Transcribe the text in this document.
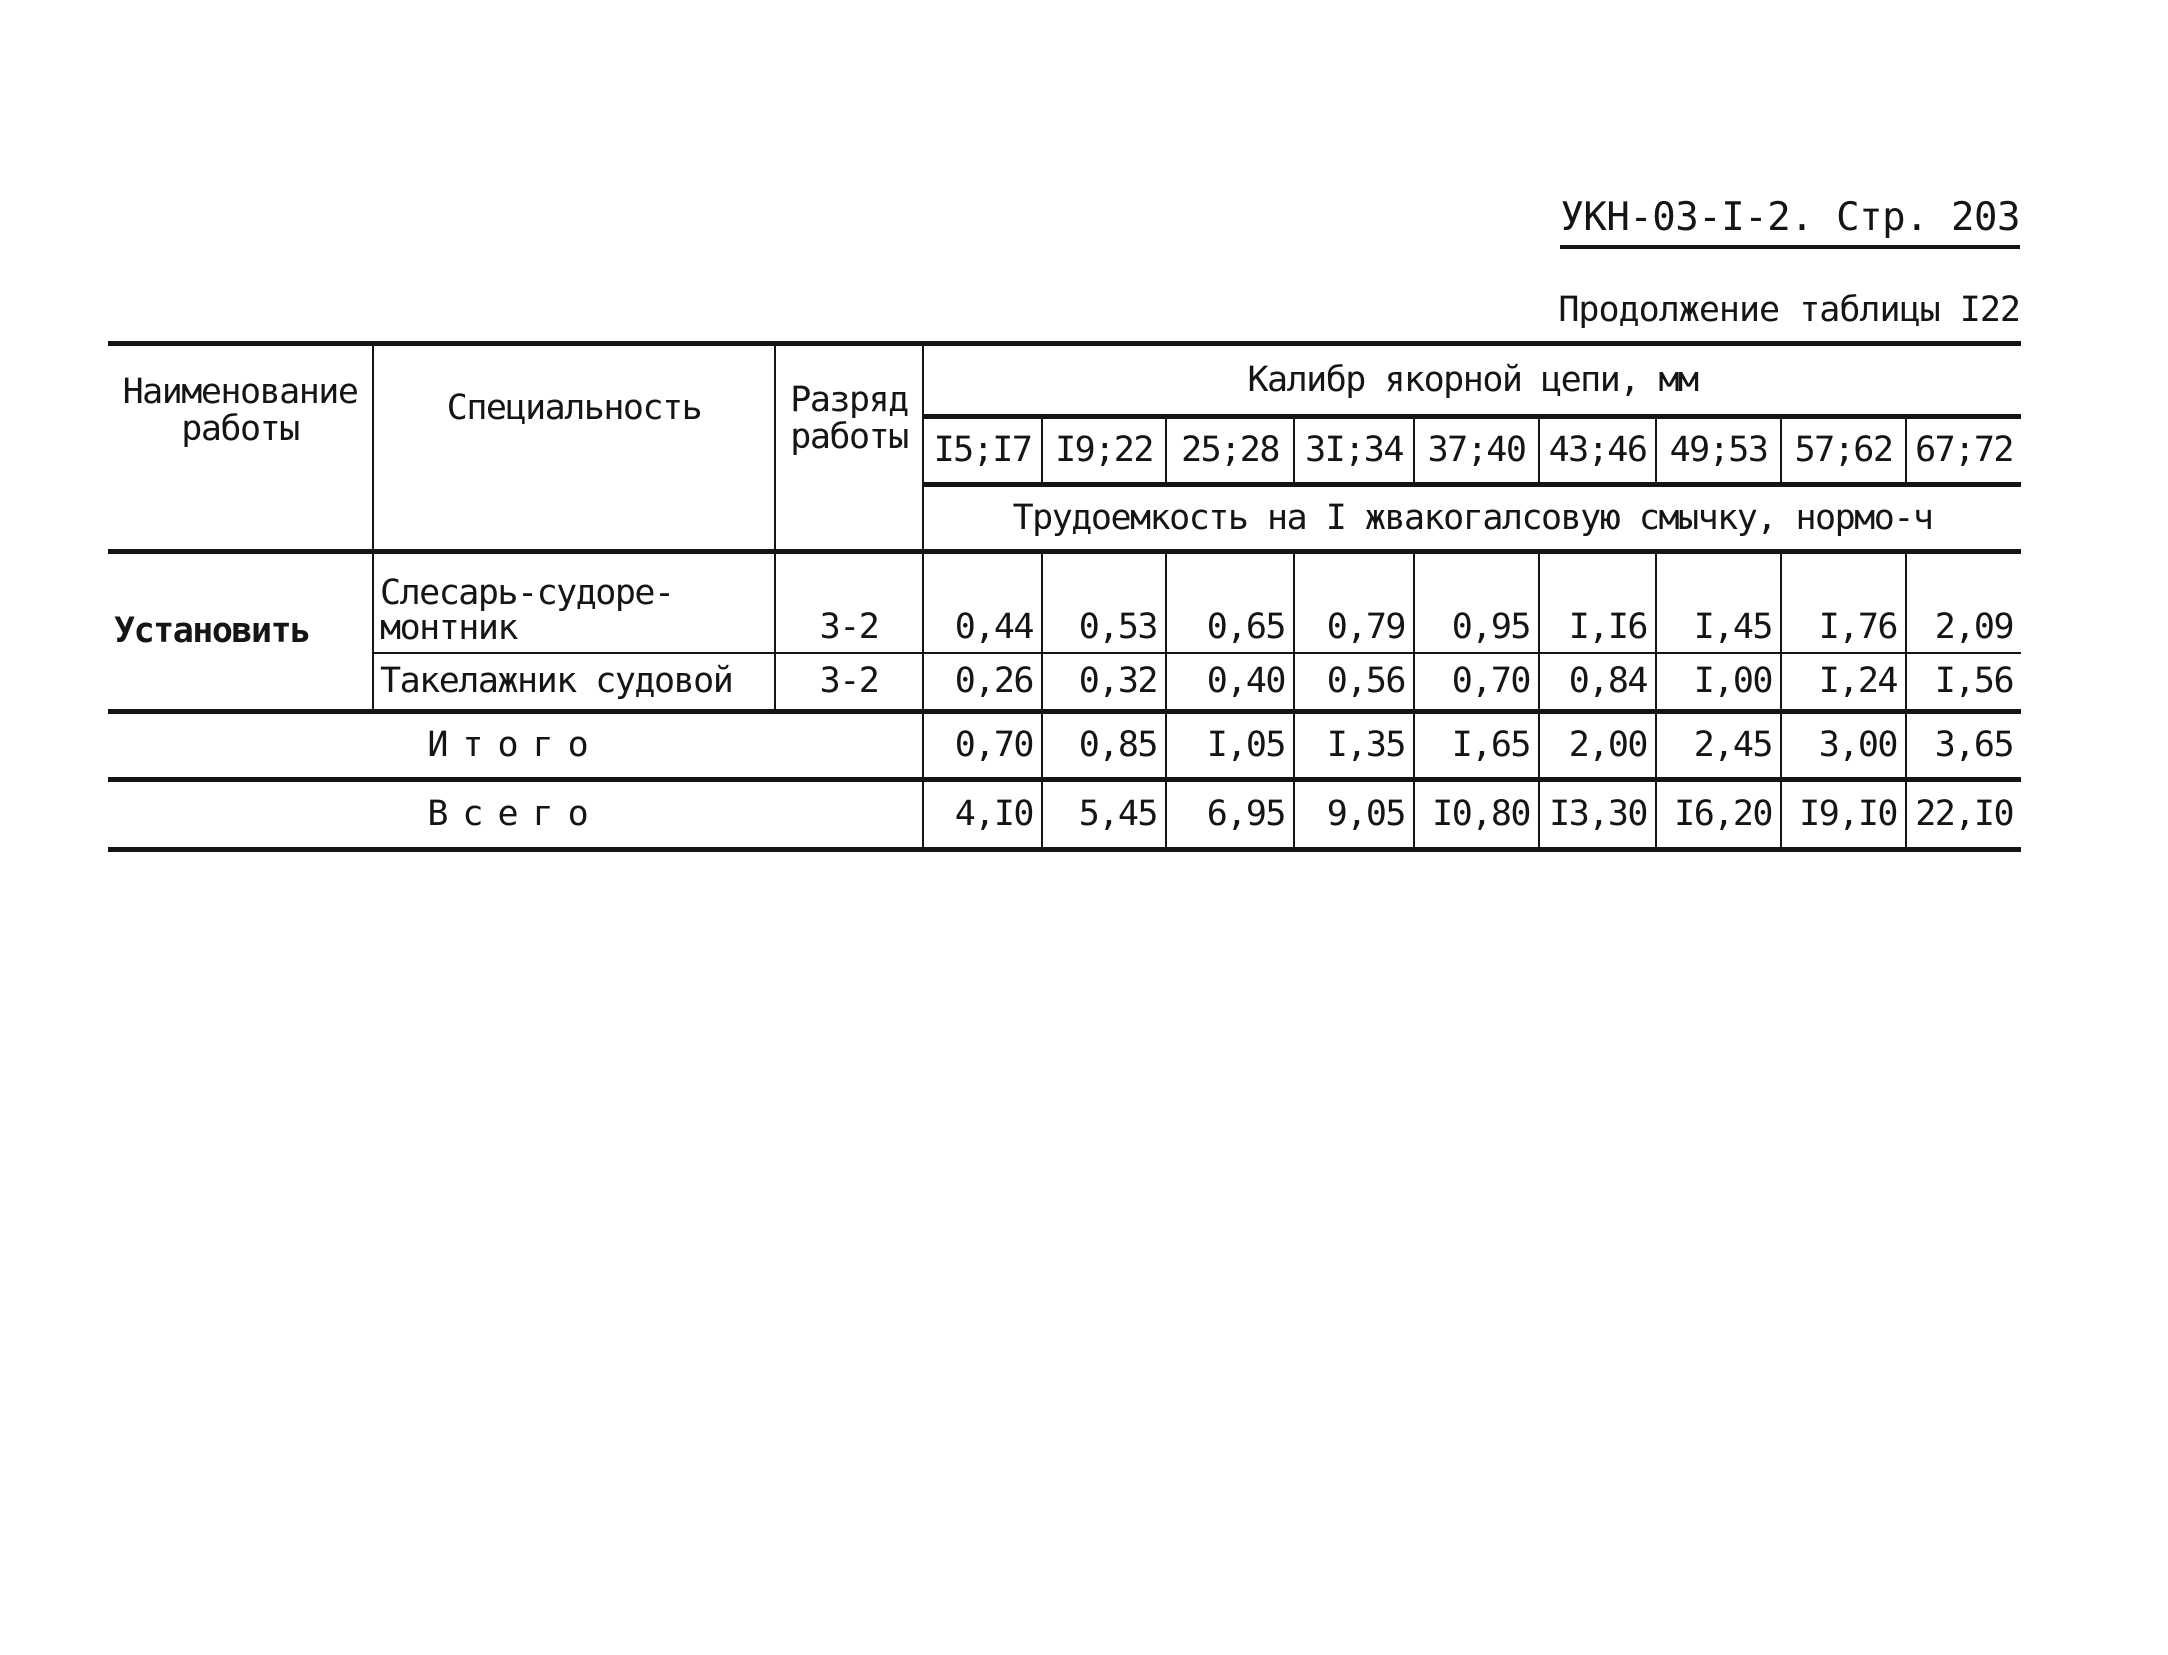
УКН-03-I-2. Стр. 203
Продолжение таблицы I22
Наименование работы	Специальность	Разряд работы	Калибр якорной цепи, мм								
			I5;I7	I9;22	25;28	3I;34	37;40	43;46	49;53	57;62	67;72
			Трудоемкость на I жвакогалсовую смычку, нормо-ч								
Установить	Слесарь-судоре-монтник	3-2	0,44	0,53	0,65	0,79	0,95	I,I6	I,45	I,76	2,09
	Такелажник судовой	3-2	0,26	0,32	0,40	0,56	0,70	0,84	I,00	I,24	I,56
Итого			0,70	0,85	I,05	I,35	I,65	2,00	2,45	3,00	3,65
Всего			4,I0	5,45	6,95	9,05	I0,80	I3,30	I6,20	I9,I0	22,I0
